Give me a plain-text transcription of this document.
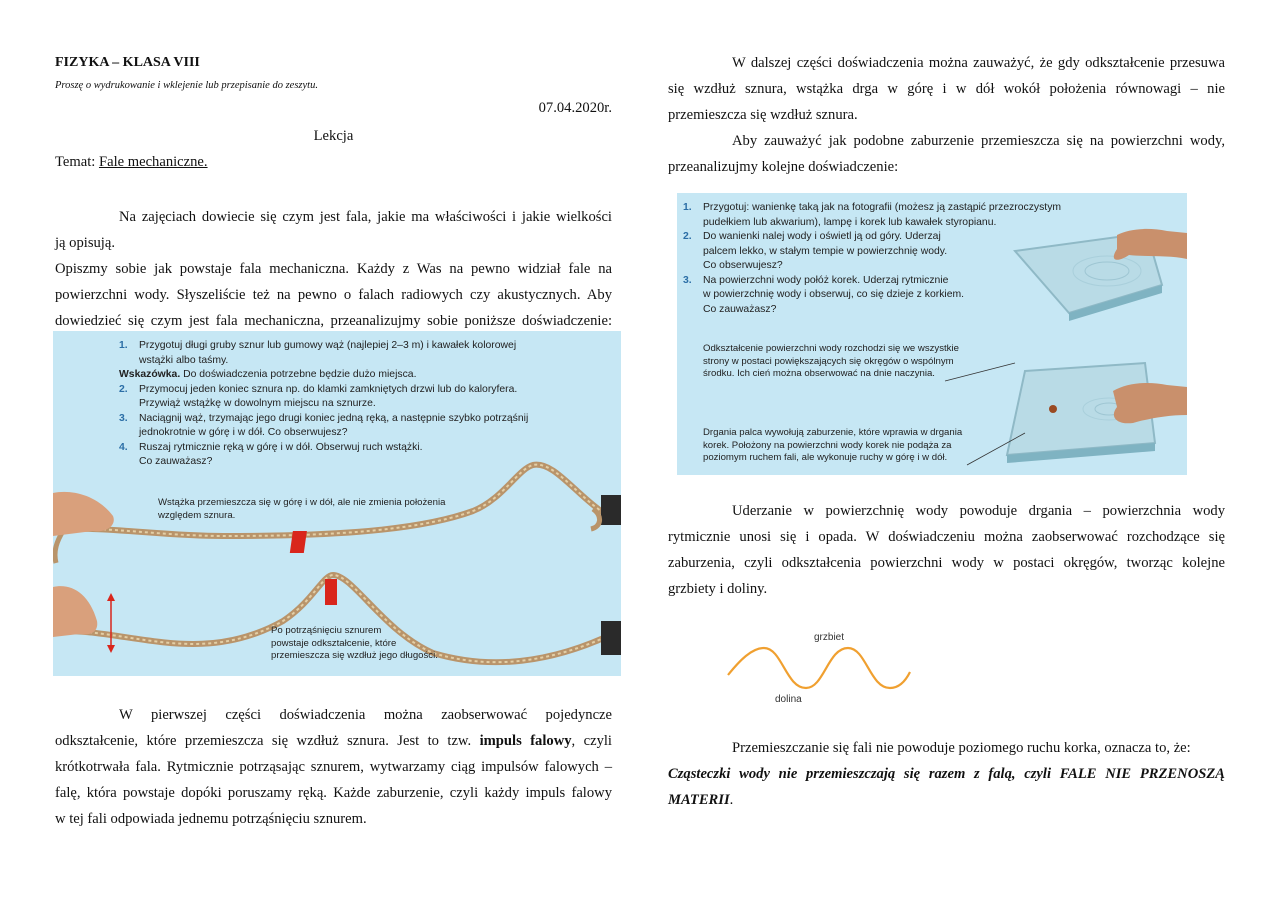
FIZYKA – KLASA VIII
Proszę o wydrukowanie i wklejenie lub przepisanie do zeszytu.
07.04.2020r.
Lekcja
Temat: Fale mechaniczne.

Na zajęciach dowiecie się czym jest fala, jakie ma właściwości i jakie wielkości

ją opisują.

Opiszmy sobie jak powstaje fala mechaniczna. Każdy z Was na pewno widział fale na

powierzchni wody. Słyszeliście też na pewno o falach radiowych czy akustycznych. Aby

dowiedzieć się czym jest fala mechaniczna, przeanalizujmy sobie poniższe doświadczenie:

1. Przygotuj długi gruby sznur lub gumowy wąż (najlepiej 2–3 m) i kawałek kolorowej
wstążki albo taśmy.
Wskazówka. Do doświadczenia potrzebne będzie dużo miejsca.
2. Przymocuj jeden koniec sznura np. do klamki zamkniętych drzwi lub do kaloryfera.
Przywiąż wstążkę w dowolnym miejscu na sznurze.
3. Naciągnij wąż, trzymając jego drugi koniec jedną ręką, a następnie szybko potrząśnij
jednokrotnie w górę i w dół. Co obserwujesz?
4. Ruszaj rytmicznie ręką w górę i w dół. Obserwuj ruch wstążki.
Co zauważasz?
Wstążka przemieszcza się w górę i w dół, ale nie zmienia położenia
względem sznura.
Po potrząśnięciu sznurem
powstaje odkształcenie, które
przemieszcza się wzdłuż jego długości.

W pierwszej części doświadczenia można zaobserwować pojedyncze

odkształcenie, które przemieszcza się wzdłuż sznura. Jest to tzw. impuls falowy, czyli

krótkotrwała fala. Rytmicznie potrząsając sznurem, wytwarzamy ciąg impulsów falowych –

falę, która powstaje dopóki poruszamy ręką. Każde zaburzenie, czyli każdy impuls falowy

w tej fali odpowiada jednemu potrząśnięciu sznurem.

W dalszej części doświadczenia można zauważyć, że gdy odkształcenie przesuwa

się wzdłuż sznura, wstążka drga w górę i w dół wokół położenia równowagi – nie

przemieszcza się wzdłuż sznura.

Aby zauważyć jak podobne zaburzenie przemieszcza się na powierzchni wody,

przeanalizujmy kolejne doświadczenie:

1. Przygotuj: wanienkę taką jak na fotografii (możesz ją zastąpić przezroczystym
pudełkiem lub akwarium), lampę i korek lub kawałek styropianu.
2. Do wanienki nalej wody i oświetl ją od góry. Uderzaj
palcem lekko, w stałym tempie w powierzchnię wody.
Co obserwujesz?
3. Na powierzchni wody połóż korek. Uderzaj rytmicznie
w powierzchnię wody i obserwuj, co się dzieje z korkiem.
Co zauważasz?
Odkształcenie powierzchni wody rozchodzi się we wszystkie
strony w postaci powiększających się okręgów o wspólnym
środku. Ich cień można obserwować na dnie naczynia.
Drgania palca wywołują zaburzenie, które wprawia w drgania
korek. Położony na powierzchni wody korek nie podąża za
poziomym ruchem fali, ale wykonuje ruchy w górę i w dół.

Uderzanie w powierzchnię wody powoduje drgania – powierzchnia wody

rytmicznie unosi się i opada. W doświadczeniu można zaobserwować rozchodzące się

zaburzenia, czyli odkształcenia powierzchni wody w postaci okręgów, tworząc kolejne

grzbiety i doliny.

grzbiet
dolina

Przemieszczanie się fali nie powoduje poziomego ruchu korka, oznacza to, że:

Cząsteczki wody nie przemieszczają się razem z falą, czyli FALE NIE PRZENOSZĄ

MATERII.
